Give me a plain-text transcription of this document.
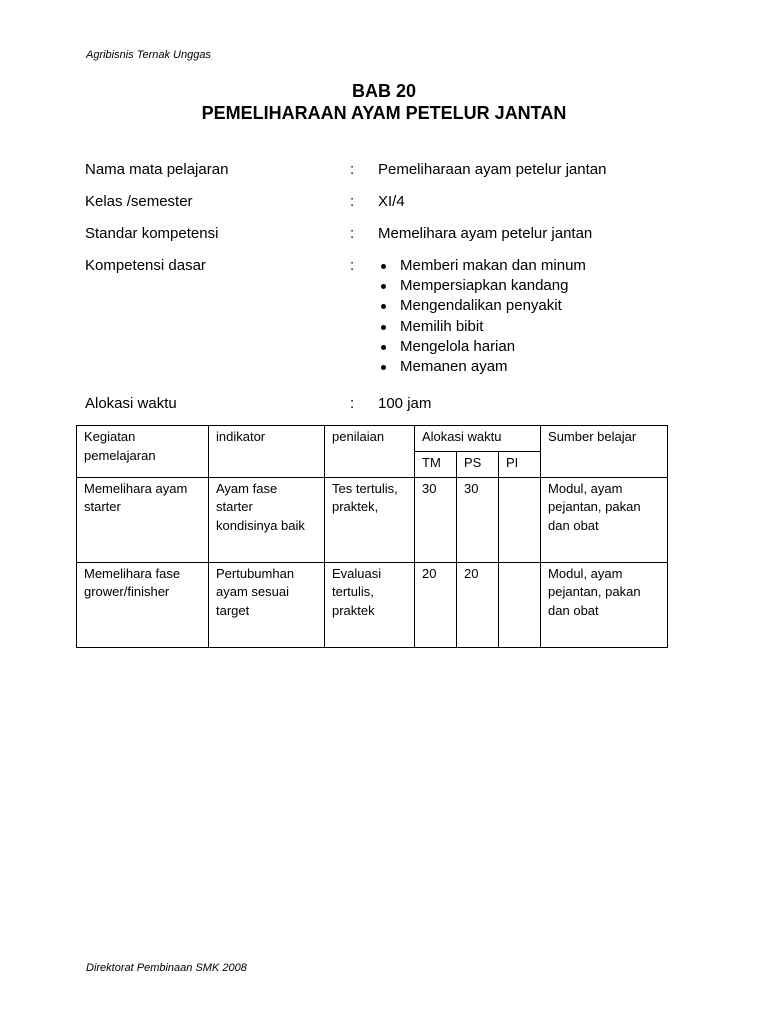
Agribisnis Ternak Unggas
BAB 20
PEMELIHARAAN AYAM PETELUR JANTAN
Nama mata pelajaran	: Pemeliharaan ayam petelur jantan
Kelas /semester	: XI/4
Standar kompetensi	: Memelihara ayam petelur jantan
Kompetensi dasar	:	Memberi makan dan minum
Mempersiapkan kandang
Mengendalikan penyakit
Memilih bibit
Mengelola harian
Memanen ayam
Alokasi waktu	: 100 jam
Kegiatan pemelajaran	indikator	penilaian	Alokasi waktu			Sumber belajar
			TM	PS	PI	
Memelihara ayam starter	Ayam fase starter kondisinya baik	Tes tertulis, praktek,	30	30		Modul, ayam pejantan, pakan dan obat
Memelihara fase grower/finisher	Pertubumhan ayam sesuai target	Evaluasi tertulis, praktek	20	20		Modul, ayam pejantan, pakan dan obat
Direktorat Pembinaan SMK 2008
